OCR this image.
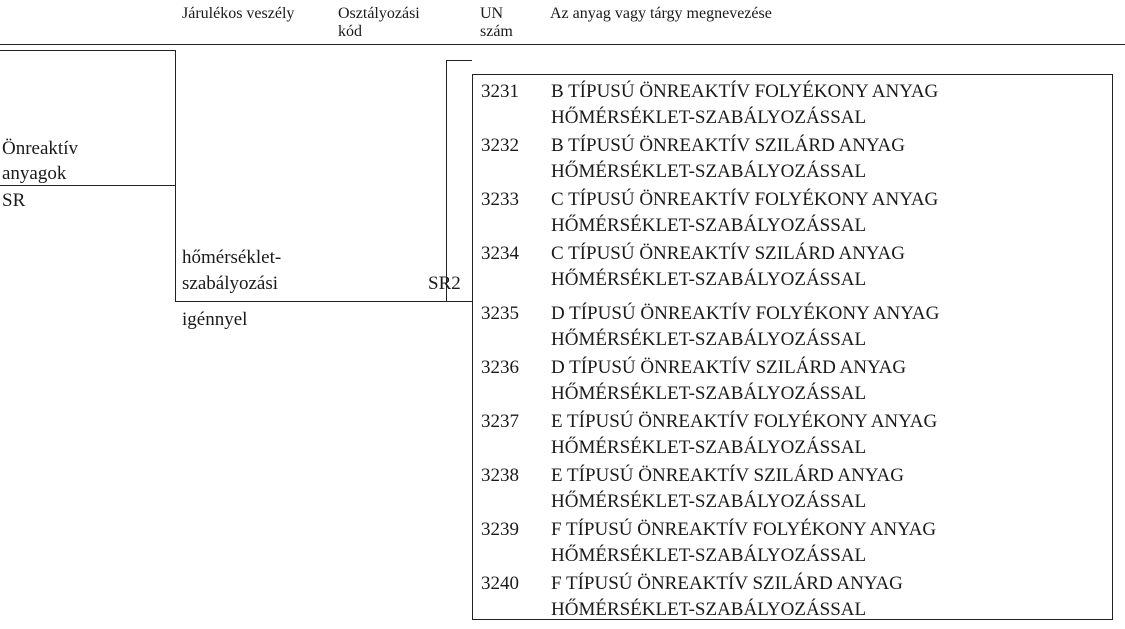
Járulékos veszély	Osztályozási
kód
UN
szám
Az anyag vagy tárgy megnevezése
Önreaktív
anyagok
SR
hőmérséklet-
szabályozási	SR2
igénnyel
3231 B TÍPUSÚ ÖNREAKTÍV FOLYÉKONY ANYAG
HŐMÉRSÉKLET-SZABÁLYOZÁSSAL
3232 B TÍPUSÚ ÖNREAKTÍV SZILÁRD ANYAG
HŐMÉRSÉKLET-SZABÁLYOZÁSSAL
3233 C TÍPUSÚ ÖNREAKTÍV FOLYÉKONY ANYAG
HŐMÉRSÉKLET-SZABÁLYOZÁSSAL
3234 C TÍPUSÚ ÖNREAKTÍV SZILÁRD ANYAG
HŐMÉRSÉKLET-SZABÁLYOZÁSSAL
3235 D TÍPUSÚ ÖNREAKTÍV FOLYÉKONY ANYAG
HŐMÉRSÉKLET-SZABÁLYOZÁSSAL
3236 D TÍPUSÚ ÖNREAKTÍV SZILÁRD ANYAG
HŐMÉRSÉKLET-SZABÁLYOZÁSSAL
3237 E TÍPUSÚ ÖNREAKTÍV FOLYÉKONY ANYAG
HŐMÉRSÉKLET-SZABÁLYOZÁSSAL
3238 E TÍPUSÚ ÖNREAKTÍV SZILÁRD ANYAG
HŐMÉRSÉKLET-SZABÁLYOZÁSSAL
3239 F TÍPUSÚ ÖNREAKTÍV FOLYÉKONY ANYAG
HŐMÉRSÉKLET-SZABÁLYOZÁSSAL
3240 F TÍPUSÚ ÖNREAKTÍV SZILÁRD ANYAG
HŐMÉRSÉKLET-SZABÁLYOZÁSSAL
